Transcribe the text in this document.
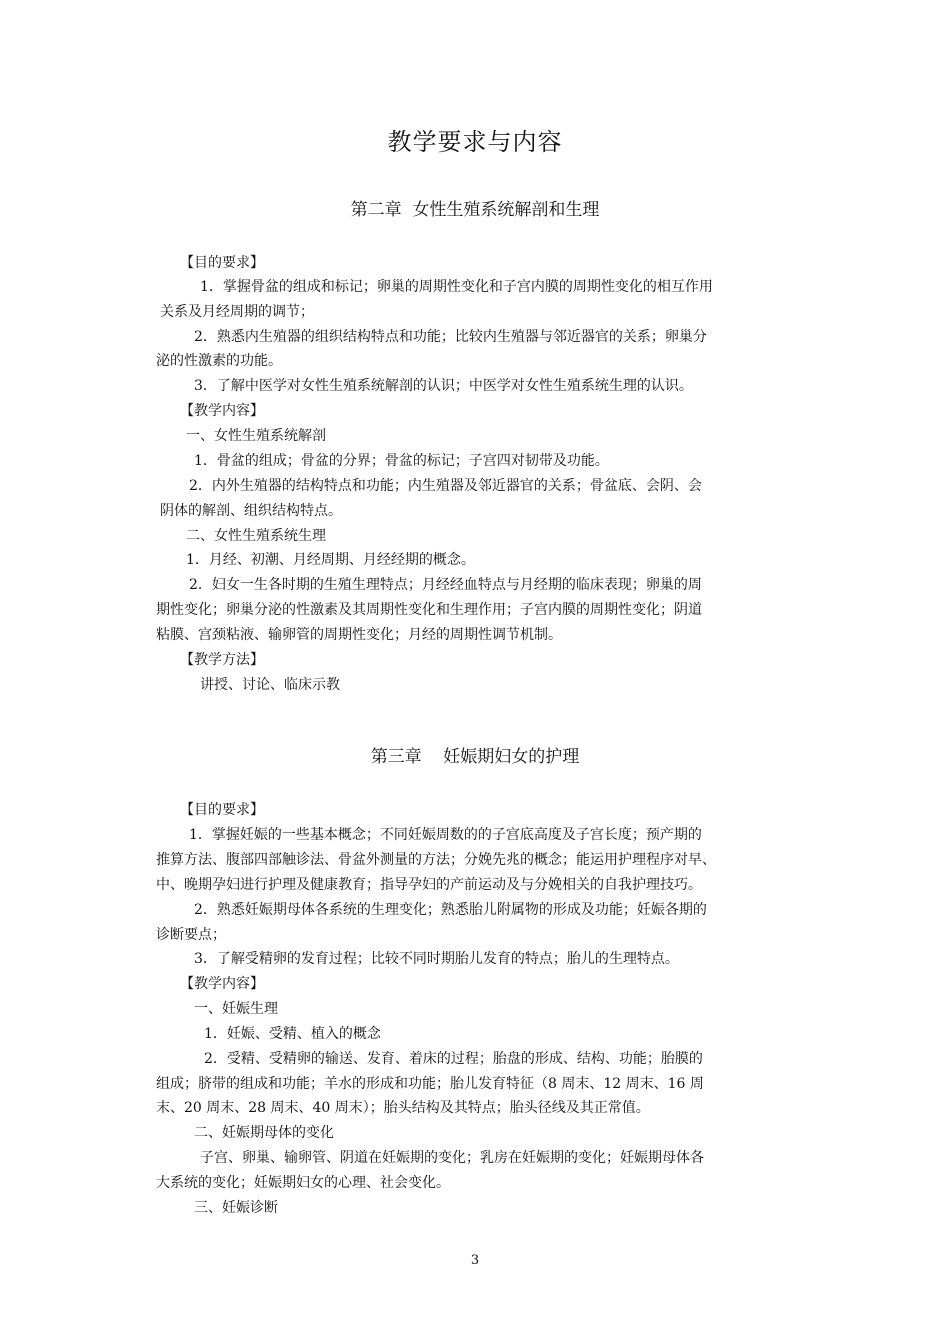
教学要求与内容
第二章  女性生殖系统解剖和生理
【目的要求】
1．掌握骨盆的组成和标记；卵巢的周期性变化和子宫内膜的周期性变化的相互作用
关系及月经周期的调节；
2．熟悉内生殖器的组织结构特点和功能；比较内生殖器与邻近器官的关系；卵巢分
泌的性激素的功能。
3．了解中医学对女性生殖系统解剖的认识；中医学对女性生殖系统生理的认识。
【教学内容】
一、女性生殖系统解剖
1．骨盆的组成；骨盆的分界；骨盆的标记；子宫四对韧带及功能。
2．内外生殖器的结构特点和功能；内生殖器及邻近器官的关系；骨盆底、会阴、会
阴体的解剖、组织结构特点。
二、女性生殖系统生理
1．月经、初潮、月经周期、月经经期的概念。
2．妇女一生各时期的生殖生理特点；月经经血特点与月经期的临床表现；卵巢的周
期性变化；卵巢分泌的性激素及其周期性变化和生理作用；子宫内膜的周期性变化；阴道
粘膜、宫颈粘液、输卵管的周期性变化；月经的周期性调节机制。
【教学方法】
讲授、讨论、临床示教
第三章    妊娠期妇女的护理
【目的要求】
1．掌握妊娠的一些基本概念；不同妊娠周数的的子宫底高度及子宫长度；预产期的
推算方法、腹部四部触诊法、骨盆外测量的方法；分娩先兆的概念；能运用护理程序对早、
中、晚期孕妇进行护理及健康教育；指导孕妇的产前运动及与分娩相关的自我护理技巧。
2．熟悉妊娠期母体各系统的生理变化；熟悉胎儿附属物的形成及功能；妊娠各期的
诊断要点；
3．了解受精卵的发育过程；比较不同时期胎儿发育的特点；胎儿的生理特点。
【教学内容】
一、妊娠生理
1．妊娠、受精、植入的概念
2．受精、受精卵的输送、发育、着床的过程；胎盘的形成、结构、功能；胎膜的
组成；脐带的组成和功能；羊水的形成和功能；胎儿发育特征（8 周末、12 周末、16 周
末、20 周末、28 周末、40 周末）；胎头结构及其特点；胎头径线及其正常值。
二、妊娠期母体的变化
子宫、卵巢、输卵管、阴道在妊娠期的变化；乳房在妊娠期的变化；妊娠期母体各
大系统的变化；妊娠期妇女的心理、社会变化。
三、妊娠诊断
3
